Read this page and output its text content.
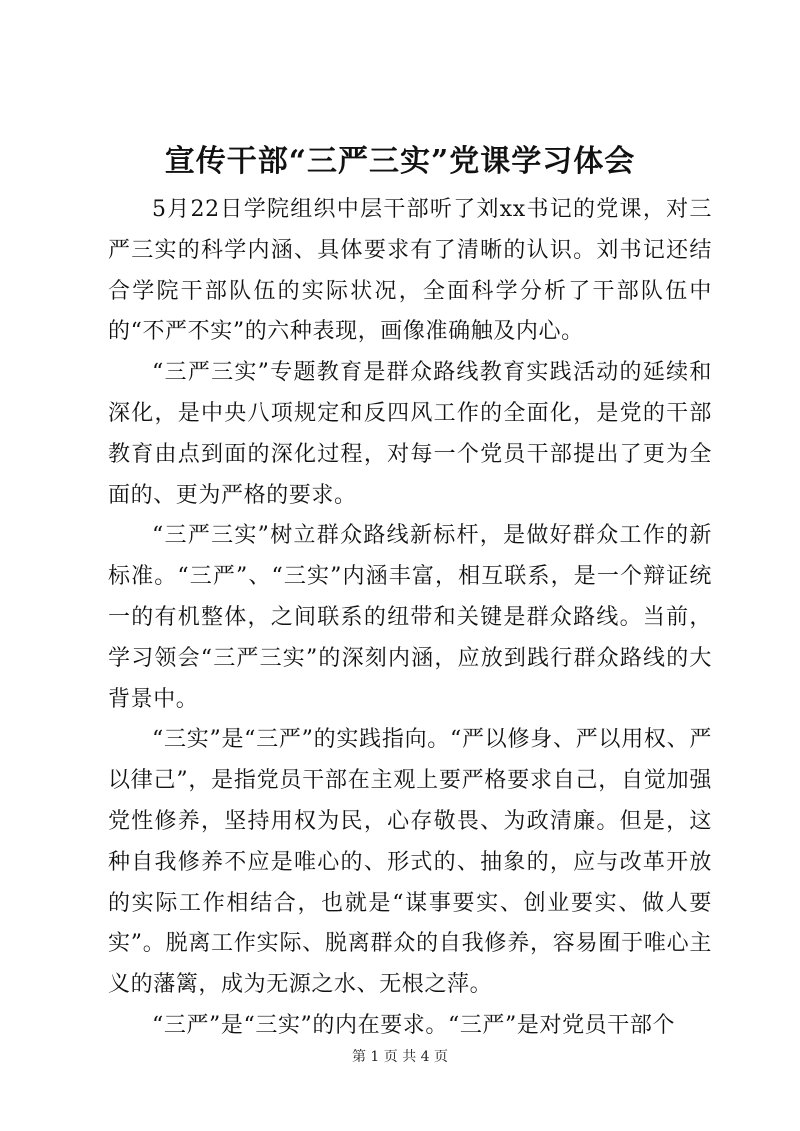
宣传干部“三严三实”党课学习体会

5月22日学院组织中层干部听了刘xx书记的党课，对三严三实的科学内涵、具体要求有了清晰的认识。刘书记还结合学院干部队伍的实际状况，全面科学分析了干部队伍中的“不严不实”的六种表现，画像准确触及内心。

“三严三实”专题教育是群众路线教育实践活动的延续和深化，是中央八项规定和反四风工作的全面化，是党的干部教育由点到面的深化过程，对每一个党员干部提出了更为全面的、更为严格的要求。

“三严三实”树立群众路线新标杆，是做好群众工作的新标准。“三严”、“三实”内涵丰富，相互联系，是一个辩证统一的有机整体，之间联系的纽带和关键是群众路线。当前，学习领会“三严三实”的深刻内涵，应放到践行群众路线的大背景中。

“三实”是“三严”的实践指向。“严以修身、严以用权、严以律己”，是指党员干部在主观上要严格要求自己，自觉加强党性修养，坚持用权为民，心存敬畏、为政清廉。但是，这种自我修养不应是唯心的、形式的、抽象的，应与改革开放的实际工作相结合，也就是“谋事要实、创业要实、做人要实”。脱离工作实际、脱离群众的自我修养，容易囿于唯心主义的藩篱，成为无源之水、无根之萍。

“三严”是“三实”的内在要求。“三严”是对党员干部个

第 1 页 共 4 页
